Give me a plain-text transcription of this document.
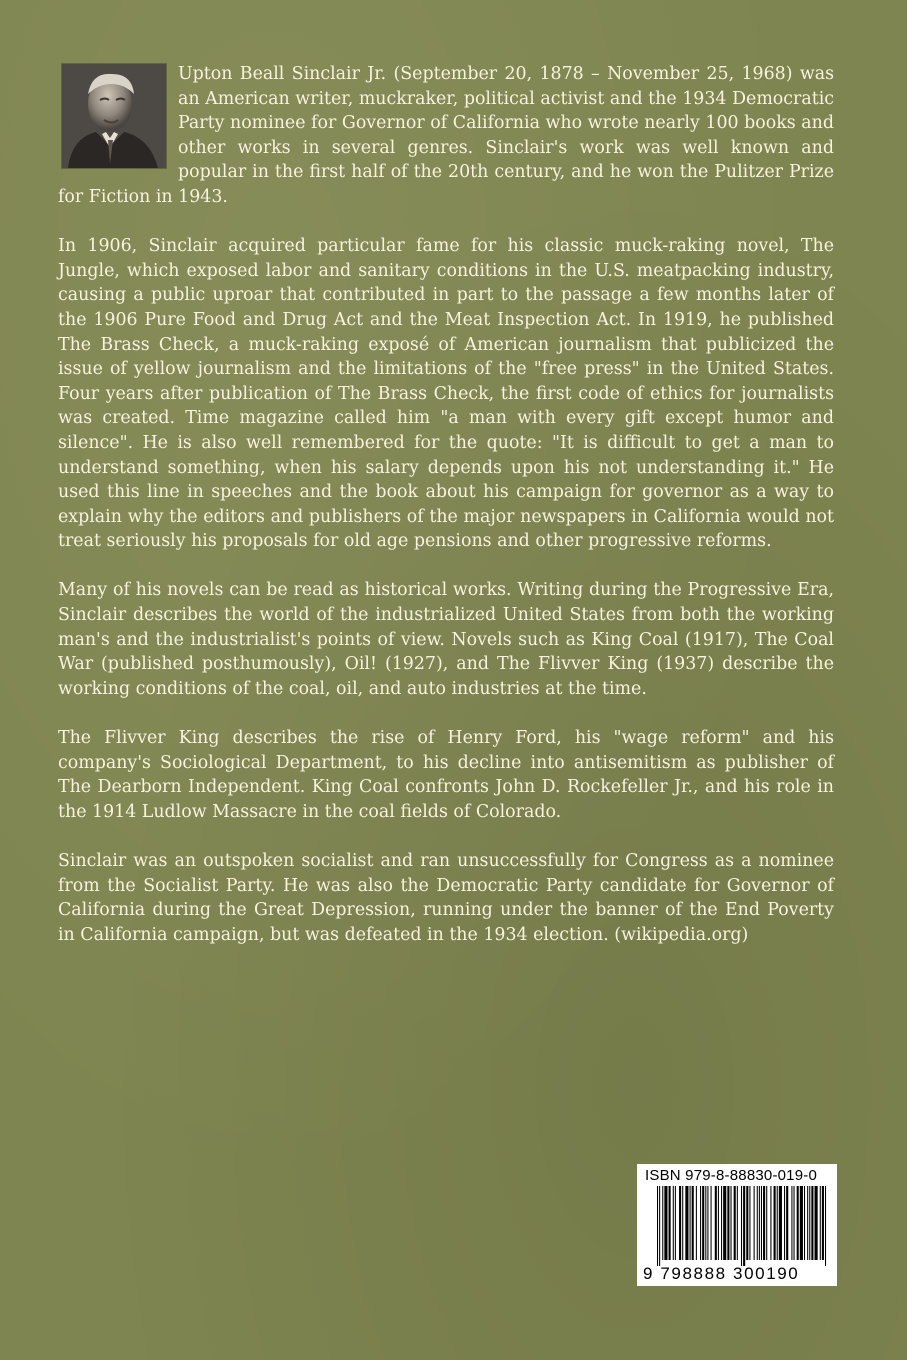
Upton Beall Sinclair Jr. (September 20, 1878 – November 25, 1968) was an American writer, muckraker, political activist and the 1934 Democratic Party nominee for Governor of California who wrote nearly 100 books and other works in several genres. Sinclair's work was well known and popular in the first half of the 20th century, and he won the Pulitzer Prize for Fiction in 1943.

In 1906, Sinclair acquired particular fame for his classic muck-raking novel, The Jungle, which exposed labor and sanitary conditions in the U.S. meatpacking industry, causing a public uproar that contributed in part to the passage a few months later of the 1906 Pure Food and Drug Act and the Meat Inspection Act. In 1919, he published The Brass Check, a muck-raking exposé of American journalism that publicized the issue of yellow journalism and the limitations of the "free press" in the United States. Four years after publication of The Brass Check, the first code of ethics for journalists was created. Time magazine called him "a man with every gift except humor and silence". He is also well remembered for the quote: "It is difficult to get a man to understand something, when his salary depends upon his not understanding it." He used this line in speeches and the book about his campaign for governor as a way to explain why the editors and publishers of the major newspapers in California would not treat seriously his proposals for old age pensions and other progressive reforms.

Many of his novels can be read as historical works. Writing during the Progressive Era, Sinclair describes the world of the industrialized United States from both the working man's and the industrialist's points of view. Novels such as King Coal (1917), The Coal War (published posthumously), Oil! (1927), and The Flivver King (1937) describe the working conditions of the coal, oil, and auto industries at the time.

The Flivver King describes the rise of Henry Ford, his "wage reform" and his company's Sociological Department, to his decline into antisemitism as publisher of The Dearborn Independent. King Coal confronts John D. Rockefeller Jr., and his role in the 1914 Ludlow Massacre in the coal fields of Colorado.

Sinclair was an outspoken socialist and ran unsuccessfully for Congress as a nominee from the Socialist Party. He was also the Democratic Party candidate for Governor of California during the Great Depression, running under the banner of the End Poverty in California campaign, but was defeated in the 1934 election. (wikipedia.org)

ISBN 979-8-88830-019-0
9 798888 300190
